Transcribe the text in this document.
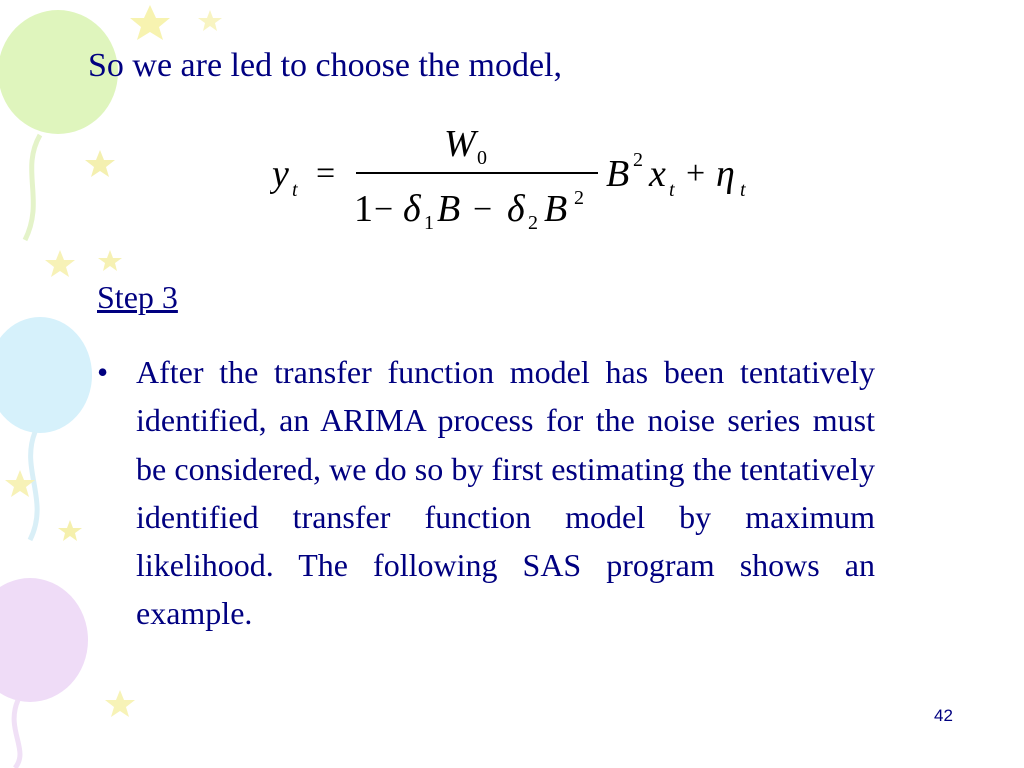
So we are led to choose the model,

y t =
W 0
1 − δ 1 B − δ 2 B 2
B 2 x t + η t

Step 3

• After the transfer function model has been tentatively identified, an ARIMA process for the noise series must be considered, we do so by first estimating the tentatively identified transfer function model by maximum likelihood. The following SAS program shows an example.

42
